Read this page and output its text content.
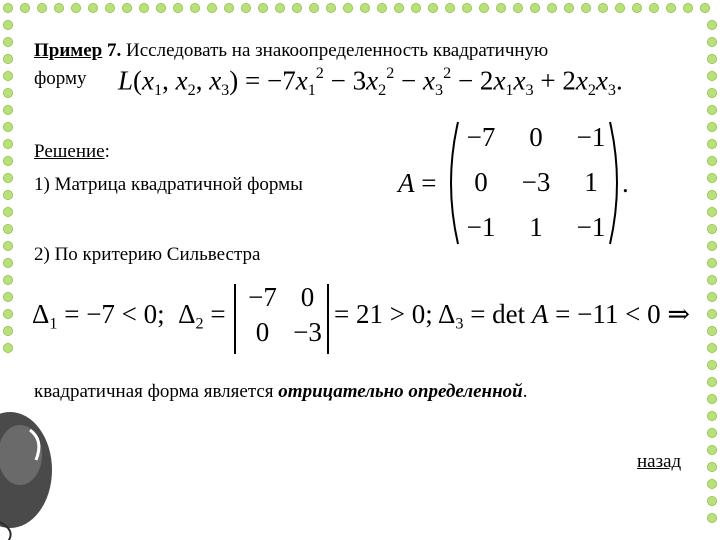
Пример 7. Исследовать на знакоопределенность квадратичную
форму $L(x_1$, $x_2$, $x_3) = -7x_1^2 - 3x_2^2 - x_3^2 - 2x_1x_3 + 2x_2x_3$.
Решение:
1) Матрица квадратичной формы
2) По критерию Сильвестра
A =
−7	0	−1
0	−3	1
−1	1	−1
.
$\Delta_1 = -7 < 0$;  $\Delta_2$ =
−7 0
0 −3
= 21 > 0; $\Delta_3 = \det A = -11 < 0$ ⇒
квадратичная форма является отрицательно определенной.
назад
